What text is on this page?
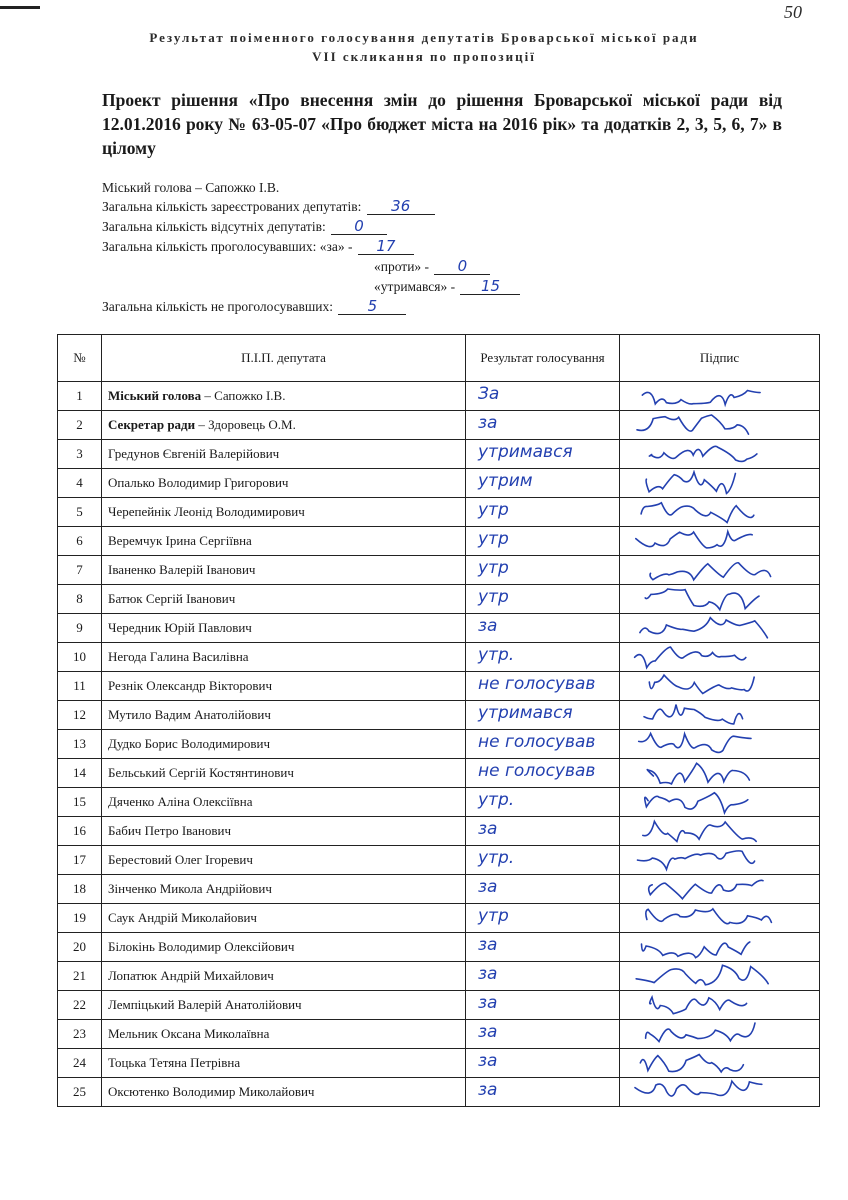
50
Результат поіменного голосування депутатів Броварської міської ради
VII скликання по пропозиції
Проект рішення «Про внесення змін до рішення Броварської міської ради від 12.01.2016 року № 63-05-07 «Про бюджет міста на 2016 рік» та додатків 2, 3, 5, 6, 7» в цілому
Міський голова – Сапожко І.В.
Загальна кількість зареєстрованих депутатів: 36
Загальна кількість відсутніх депутатів: 0
Загальна кількість проголосувавших: «за» - 17
«проти» - 0
«утримався» - 15
Загальна кількість не проголосувавших: 5
№	П.І.П. депутата	Результат голосування	Підпис
1	Міський голова – Сапожко І.В.	За

2	Секретар ради – Здоровець О.М.	за

3	Гредунов Євгеній Валерійович	утримався

4	Опалько Володимир Григорович	утрим

5	Черепейнік Леонід Володимирович	утр

6	Веремчук Ірина Сергіївна	утр

7	Іваненко Валерій Іванович	утр

8	Батюк Сергій Іванович	утр

9	Чередник Юрій Павлович	за

10	Негода Галина Василівна	утр.

11	Резнік Олександр Вікторович	не голосував

12	Мутило Вадим Анатолійович	утримався

13	Дудко Борис Володимирович	не голосував

14	Бельський Сергій Костянтинович	не голосував

15	Дяченко Аліна Олексіївна	утр.

16	Бабич Петро Іванович	за

17	Берестовий Олег Ігоревич	утр.

18	Зінченко Микола Андрійович	за

19	Саук Андрій Миколайович	утр

20	Білокінь Володимир Олексійович	за

21	Лопатюк Андрій Михайлович	за

22	Лемпіцький Валерій Анатолійович	за

23	Мельник Оксана Миколаївна	за

24	Тоцька Тетяна Петрівна	за

25	Оксютенко Володимир Миколайович	за
